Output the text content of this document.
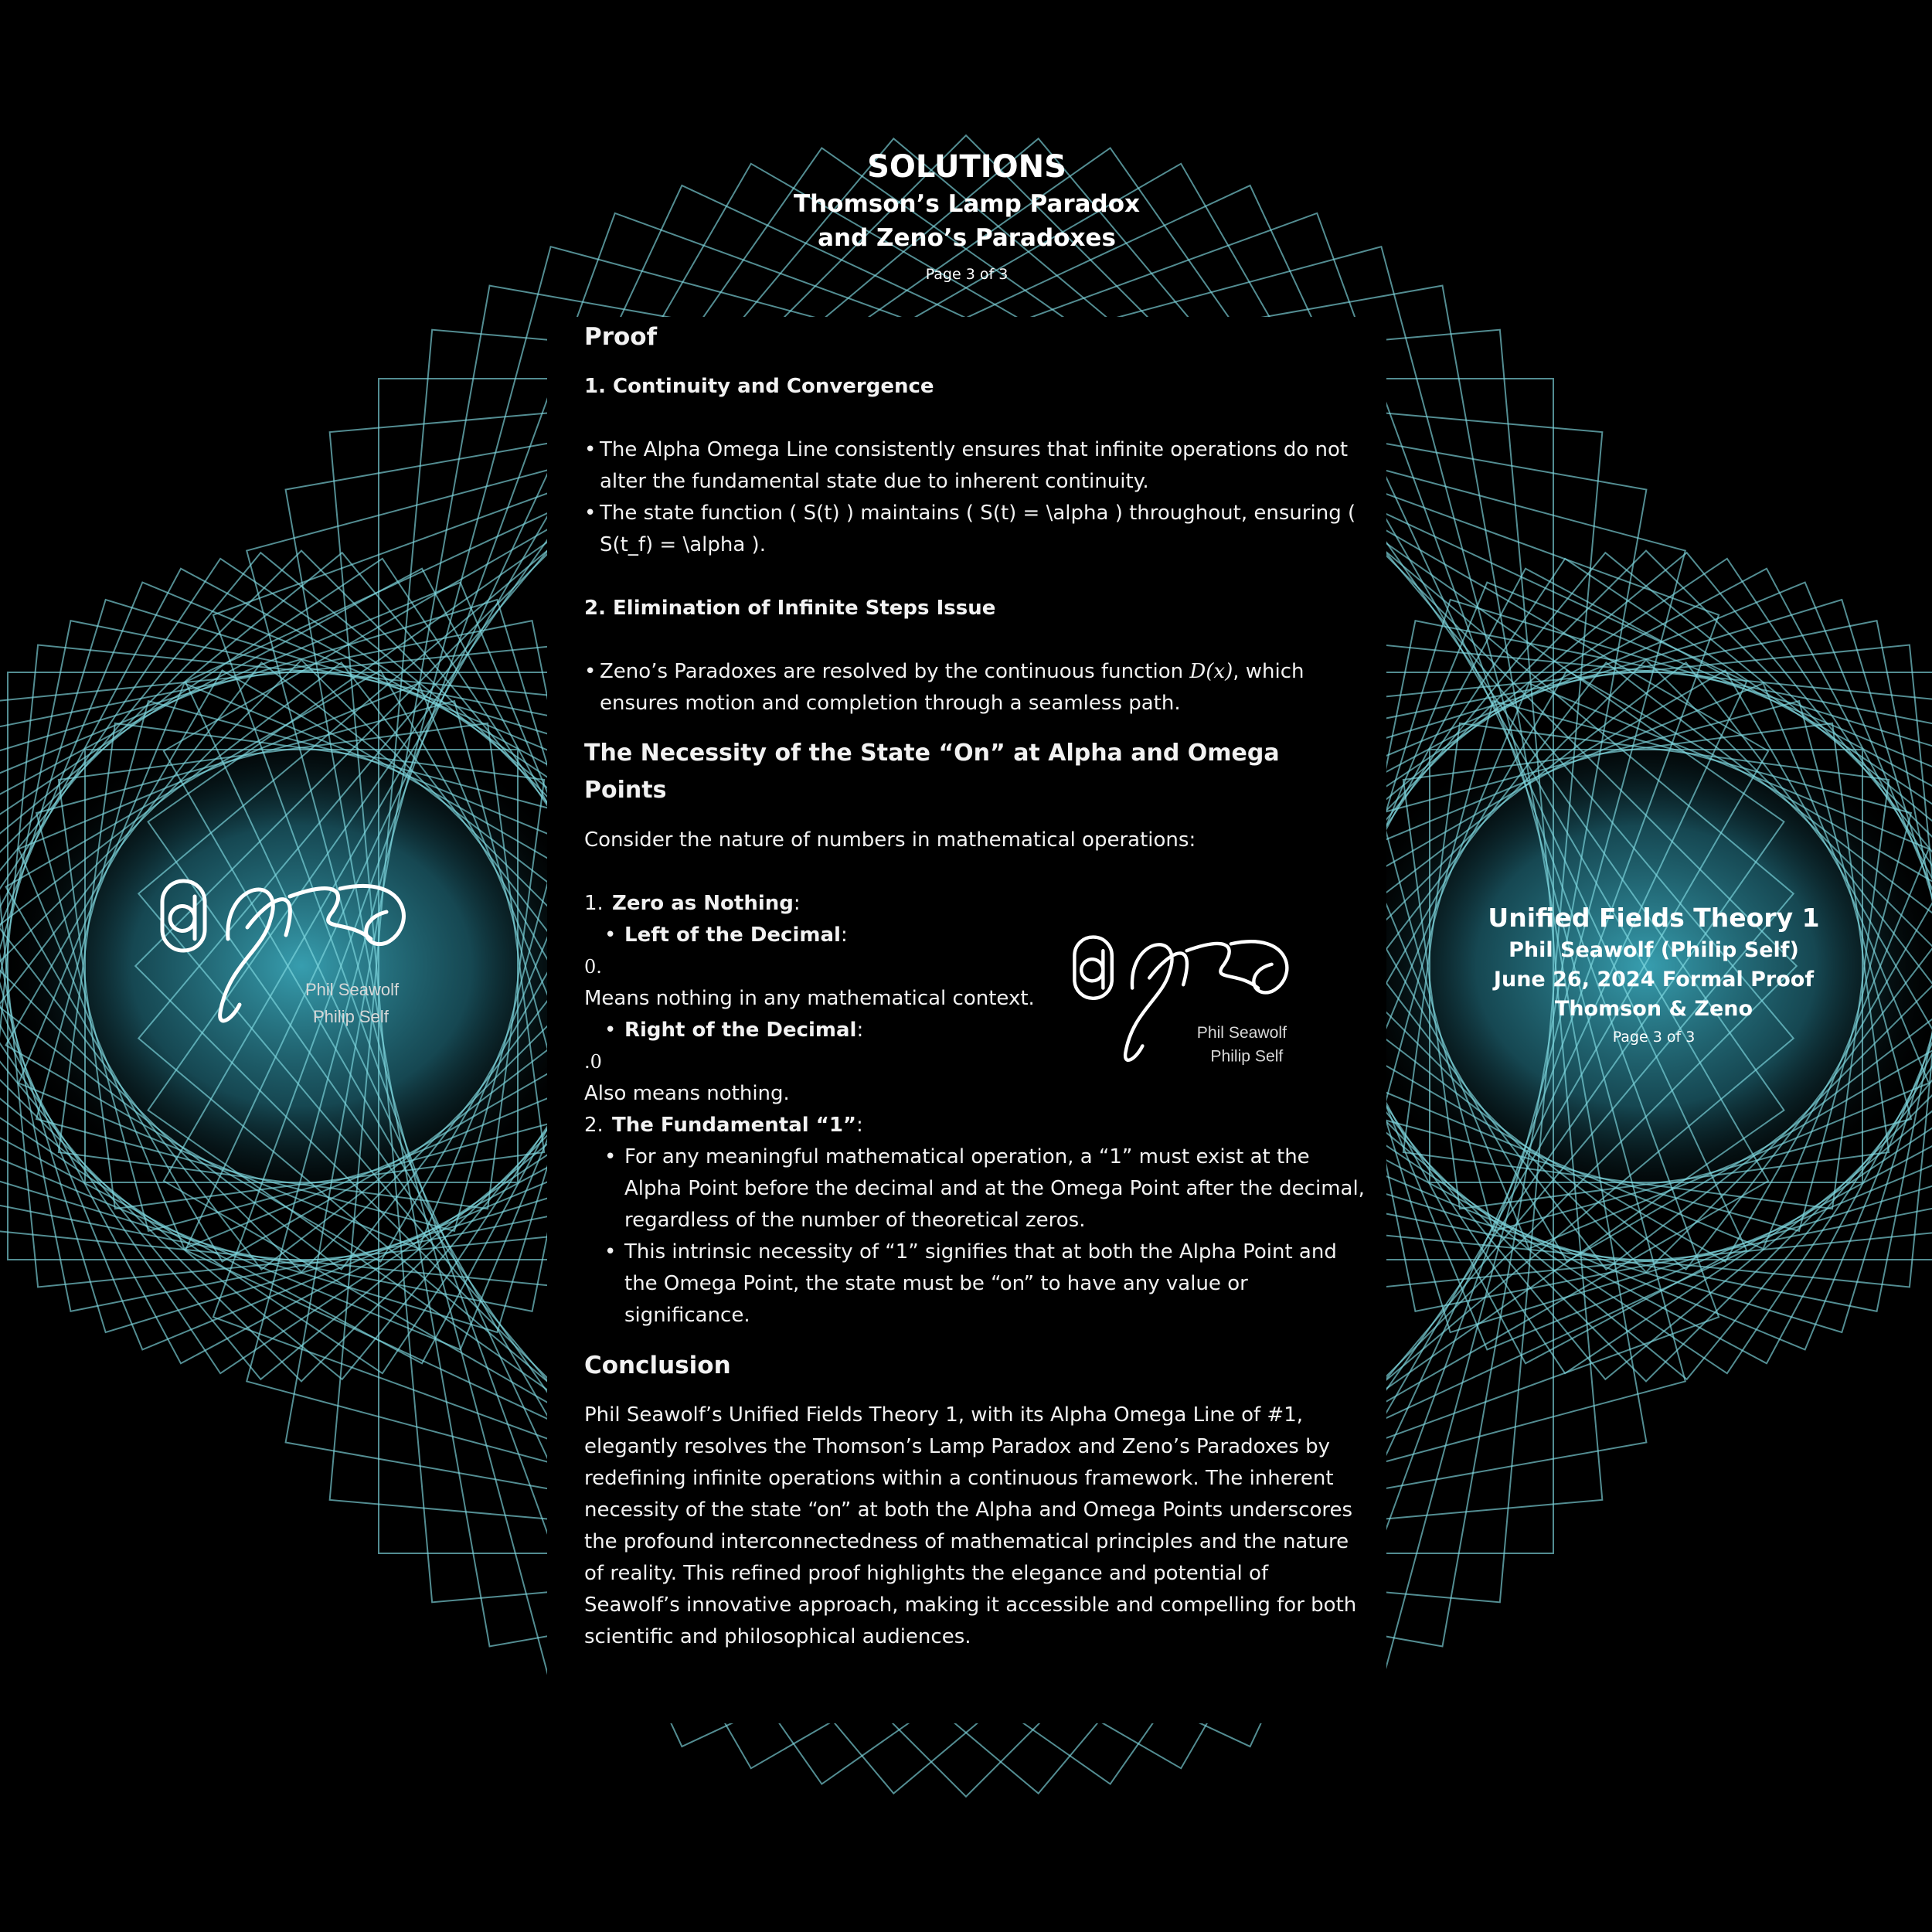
SOLUTIONS
Thomson’s Lamp Paradox
and Zeno’s Paradoxes
Page 3 of 3

Proof

1. Continuity and Convergence

• The Alpha Omega Line consistently ensures that infinite operations do not alter the fundamental state due to inherent continuity.
• The state function ( S(t) ) maintains ( S(t) = \alpha ) throughout, ensuring ( S(t_f) = \alpha ).

2. Elimination of Infinite Steps Issue

• Zeno’s Paradoxes are resolved by the continuous function D(x), which ensures motion and completion through a seamless path.

The Necessity of the State “On” at Alpha and Omega Points

Consider the nature of numbers in mathematical operations:

1. Zero as Nothing:
• Left of the Decimal:

0.

Means nothing in any mathematical context.

• Right of the Decimal:

.0

Also means nothing.

2. The Fundamental “1”:
• For any meaningful mathematical operation, a “1” must exist at the Alpha Point before the decimal and at the Omega Point after the decimal, regardless of the number of theoretical zeros.
• This intrinsic necessity of “1” signifies that at both the Alpha Point and the Omega Point, the state must be “on” to have any value or significance.

Conclusion

Phil Seawolf’s Unified Fields Theory 1, with its Alpha Omega Line of #1, elegantly resolves the Thomson’s Lamp Paradox and Zeno’s Paradoxes by redefining infinite operations within a continuous framework. The inherent necessity of the state “on” at both the Alpha and Omega Points underscores the profound interconnectedness of mathematical principles and the nature of reality. This refined proof highlights the elegance and potential of Seawolf’s innovative approach, making it accessible and compelling for both scientific and philosophical audiences.

Phil Seawolf
Philip Self
Phil Seawolf
Philip Self
Unified Fields Theory 1
Phil Seawolf (Philip Self)
June 26, 2024 Formal Proof
Thomson & Zeno
Page 3 of 3
